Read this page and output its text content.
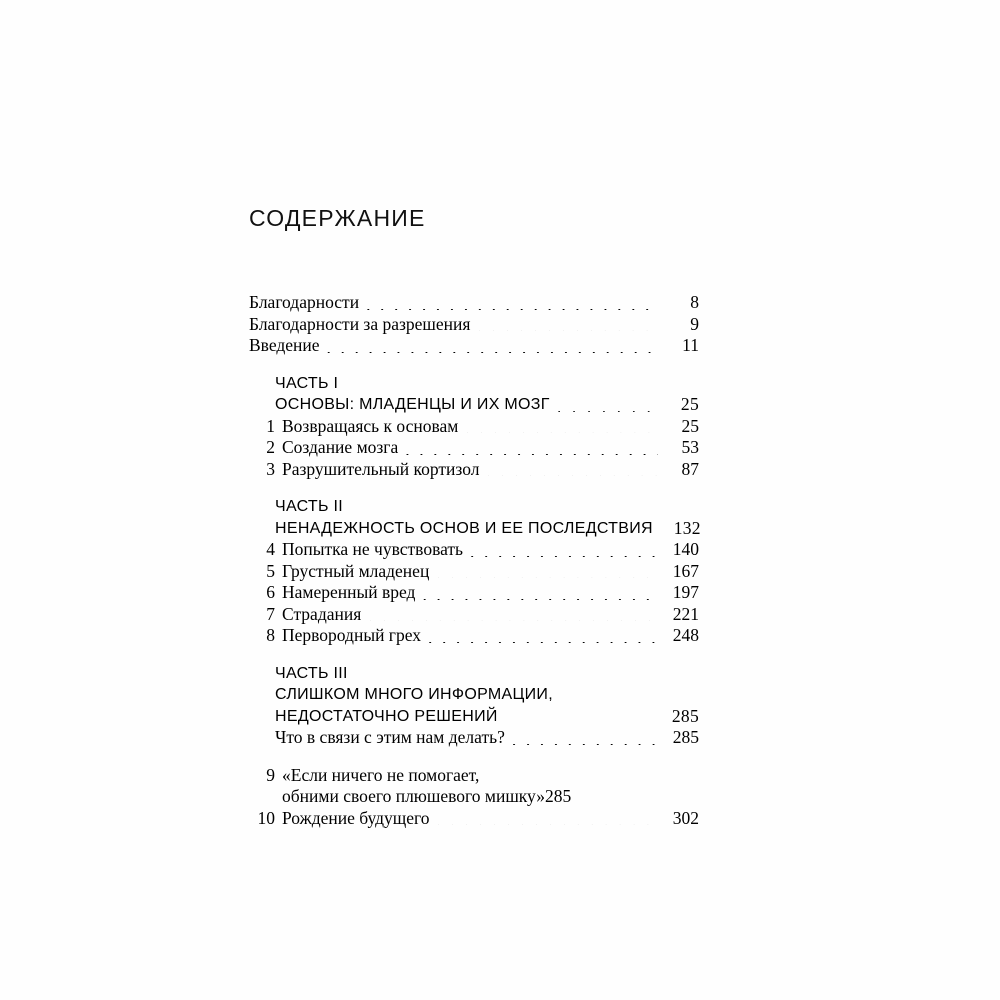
СОДЕРЖАНИЕ
Благодарности . . .	8
Благодарности за разрешения . . .	9
Введение . . .	11
ЧАСТЬ I
ОСНОВЫ: МЛАДЕНЦЫ И ИХ МОЗГ . . .	25
1 Возвращаясь к основам . . .	25
2 Создание мозга . . .	53
3 Разрушительный кортизол . . .	87
ЧАСТЬ II
НЕНАДЕЖНОСТЬ ОСНОВ И ЕЕ ПОСЛЕДСТВИЯ	132
4 Попытка не чувствовать . . .	140
5 Грустный младенец . . .	167
6 Намеренный вред . . .	197
7 Страдания . . .	221
8 Первородный грех . . .	248
ЧАСТЬ III
СЛИШКОМ МНОГО ИНФОРМАЦИИ,
НЕДОСТАТОЧНО РЕШЕНИЙ . . .	285
Что в связи с этим нам делать? . . .	285
9 «Если ничего не помогает,
обними своего плюшевого мишку» 285
10 Рождение будущего . . .	302
